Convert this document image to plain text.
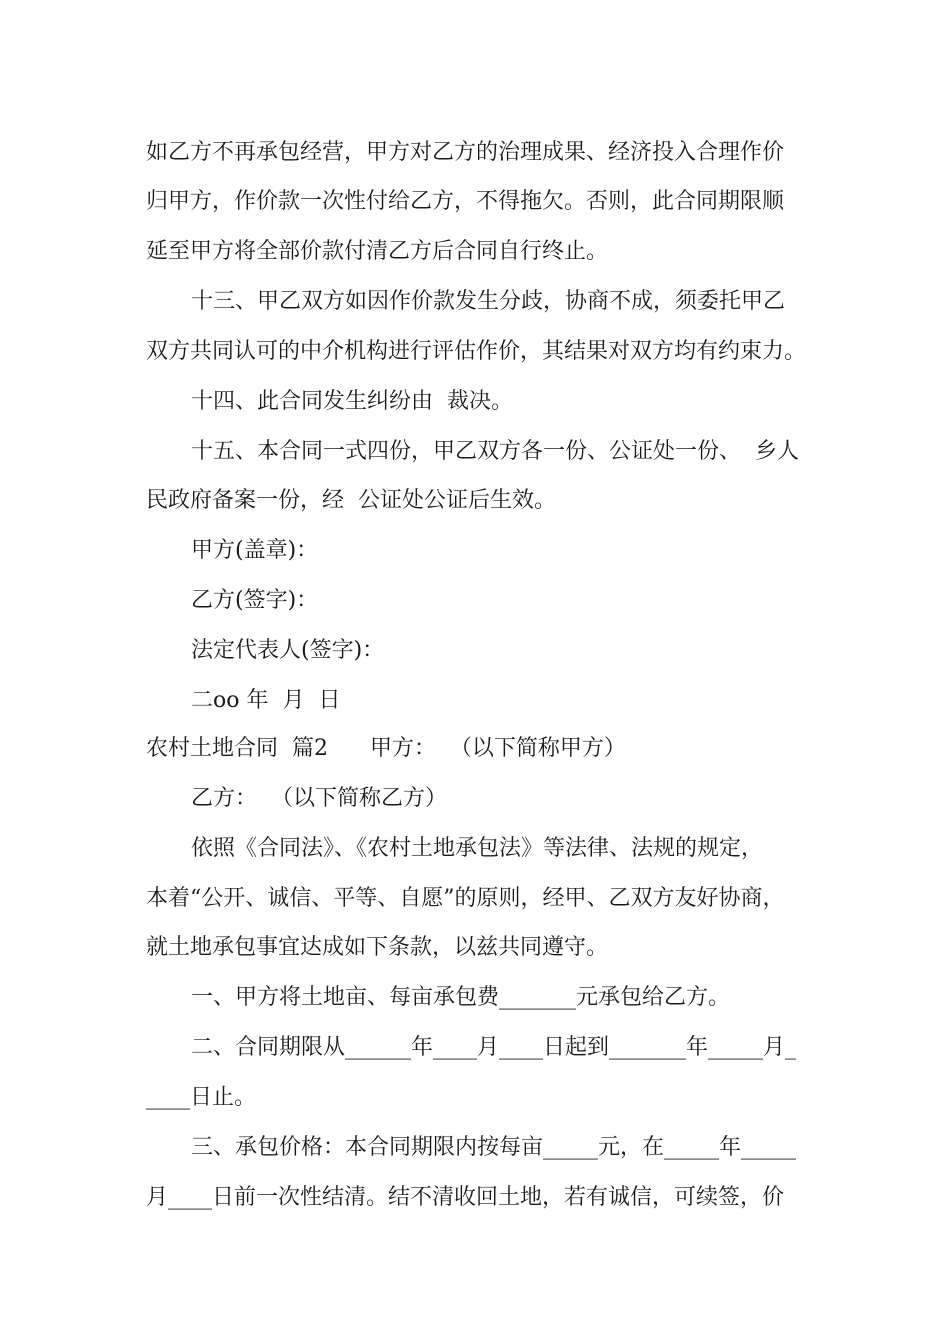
如乙方不再承包经营，甲方对乙方的治理成果、经济投入合理作价
归甲方，作价款一次性付给乙方，不得拖欠。否则，此合同期限顺
延至甲方将全部价款付清乙方后合同自行终止。
十三、甲乙双方如因作价款发生分歧，协商不成，须委托甲乙
双方共同认可的中介机构进行评估作价，其结果对双方均有约束力。
十四、此合同发生纠纷由  裁决。
十五、本合同一式四份，甲乙双方各一份、公证处一份、  乡人
民政府备案一份，经  公证处公证后生效。
甲方(盖章)：
乙方(签字)：
法定代表人(签字)：
二oo 年  月  日
农村土地合同  篇2      甲方：  （以下简称甲方）
乙方：  （以下简称乙方）
依照《合同法》、《农村土地承包法》等法律、法规的规定，
本着“公开、诚信、平等、自愿”的原则，经甲、乙双方友好协商，
就土地承包事宜达成如下条款，以兹共同遵守。
一、甲方将土地亩、每亩承包费_______元承包给乙方。
二、合同期限从______年____月____日起到_______年_____月_
____日止。
三、承包价格：本合同期限内按每亩_____元，在_____年_____
月____日前一次性结清。结不清收回土地，若有诚信，可续签，价
